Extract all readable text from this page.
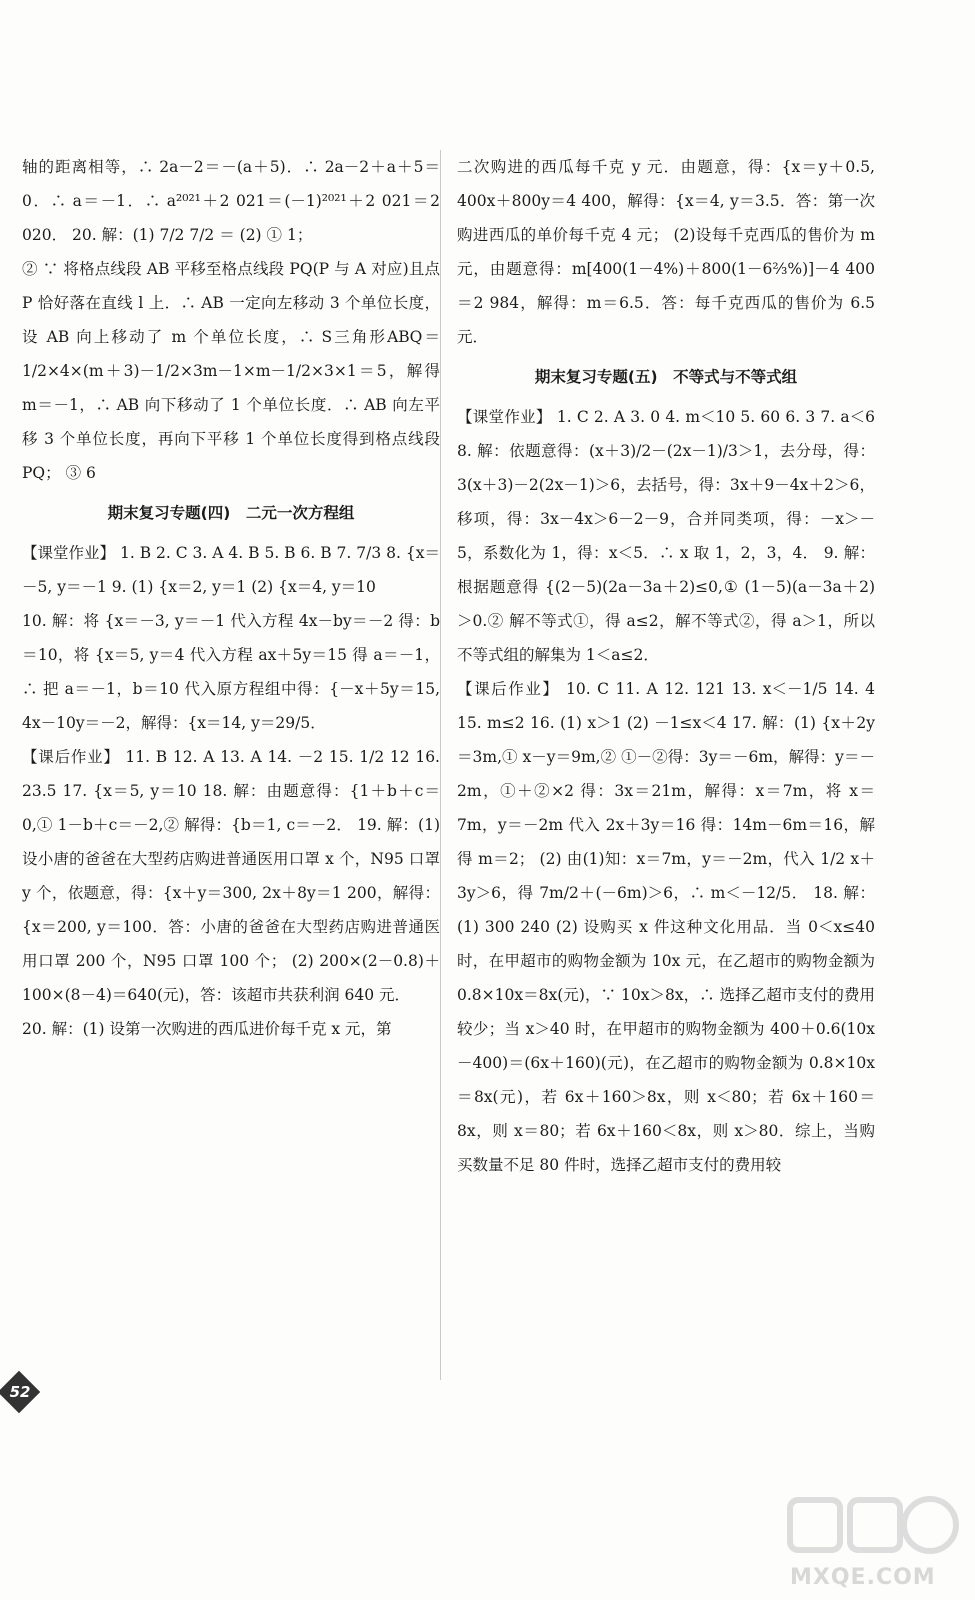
轴的距离相等，∴ 2a－2＝－(a＋5)．∴ 2a－2＋a＋5＝0．∴ a＝－1．∴ a²⁰²¹＋2 021＝(－1)²⁰²¹＋2 021＝2 020． 20. 解：(1) 7/2 7/2 ＝ (2) ① 1；

② ∵ 将格点线段 AB 平移至格点线段 PQ(P 与 A 对应)且点 P 恰好落在直线 l 上．∴ AB 一定向左移动 3 个单位长度，设 AB 向上移动了 m 个单位长度，∴ S三角形ABQ＝1/2×4×(m＋3)－1/2×3m－1×m－1/2×3×1＝5，解得 m＝－1，∴ AB 向下移动了 1 个单位长度．∴ AB 向左平移 3 个单位长度，再向下平移 1 个单位长度得到格点线段 PQ； ③ 6

期末复习专题(四)　二元一次方程组

【课堂作业】 1. B 2. C 3. A 4. B 5. B 6. B 7. 7/3 8. {x＝－5, y＝－1 9. (1) {x＝2, y＝1 (2) {x＝4, y＝10

10. 解：将 {x＝－3, y＝－1 代入方程 4x－by＝－2 得：b＝10，将 {x＝5, y＝4 代入方程 ax＋5y＝15 得 a＝－1，∴ 把 a＝－1，b＝10 代入原方程组中得：{－x＋5y＝15, 4x－10y＝－2，解得：{x＝14, y＝29/5．

【课后作业】 11. B 12. A 13. A 14. －2 15. 1/2 12 16. 23.5 17. {x＝5, y＝10 18. 解：由题意得：{1＋b＋c＝0,① 1－b＋c＝－2,② 解得：{b＝1, c＝－2． 19. 解：(1) 设小唐的爸爸在大型药店购进普通医用口罩 x 个，N95 口罩 y 个，依题意，得：{x＋y＝300, 2x＋8y＝1 200，解得：{x＝200, y＝100．答：小唐的爸爸在大型药店购进普通医用口罩 200 个，N95 口罩 100 个； (2) 200×(2－0.8)＋100×(8－4)＝640(元)，答：该超市共获利润 640 元．

20. 解：(1) 设第一次购进的西瓜进价每千克 x 元，第

二次购进的西瓜每千克 y 元．由题意，得：{x＝y＋0.5, 400x＋800y＝4 400，解得：{x＝4, y＝3.5．答：第一次购进西瓜的单价每千克 4 元； (2)设每千克西瓜的售价为 m 元，由题意得：m[400(1－4%)＋800(1－6⅔%)]－4 400＝2 984，解得：m＝6.5．答：每千克西瓜的售价为 6.5 元．

期末复习专题(五)　不等式与不等式组

【课堂作业】 1. C 2. A 3. 0 4. m＜10 5. 60 6. 3 7. a＜6 8. 解：依题意得：(x＋3)/2－(2x－1)/3＞1，去分母，得：3(x＋3)－2(2x－1)＞6，去括号，得：3x＋9－4x＋2＞6，移项，得：3x－4x＞6－2－9，合并同类项，得：－x＞－5，系数化为 1，得：x＜5．∴ x 取 1，2，3，4． 9. 解：根据题意得 {(2－5)(2a－3a＋2)≤0,① (1－5)(a－3a＋2)＞0.② 解不等式①，得 a≤2，解不等式②，得 a＞1，所以不等式组的解集为 1＜a≤2．

【课后作业】 10. C 11. A 12. 121 13. x＜－1/5 14. 4 15. m≤2 16. (1) x＞1 (2) －1≤x＜4 17. 解：(1) {x＋2y＝3m,① x－y＝9m,② ①－②得：3y＝－6m，解得：y＝－2m，①＋②×2 得：3x＝21m，解得：x＝7m，将 x＝7m，y＝－2m 代入 2x＋3y＝16 得：14m－6m＝16，解得 m＝2； (2) 由(1)知：x＝7m，y＝－2m，代入 1/2 x＋3y＞6，得 7m/2＋(－6m)＞6，∴ m＜－12/5． 18. 解：(1) 300 240 (2) 设购买 x 件这种文化用品．当 0＜x≤40 时，在甲超市的购物金额为 10x 元，在乙超市的购物金额为 0.8×10x＝8x(元)，∵ 10x＞8x，∴ 选择乙超市支付的费用较少；当 x＞40 时，在甲超市的购物金额为 400＋0.6(10x－400)＝(6x＋160)(元)，在乙超市的购物金额为 0.8×10x＝8x(元)，若 6x＋160＞8x，则 x＜80；若 6x＋160＝8x，则 x＝80；若 6x＋160＜8x，则 x＞80．综上，当购买数量不足 80 件时，选择乙超市支付的费用较

52
MXQE.COM
